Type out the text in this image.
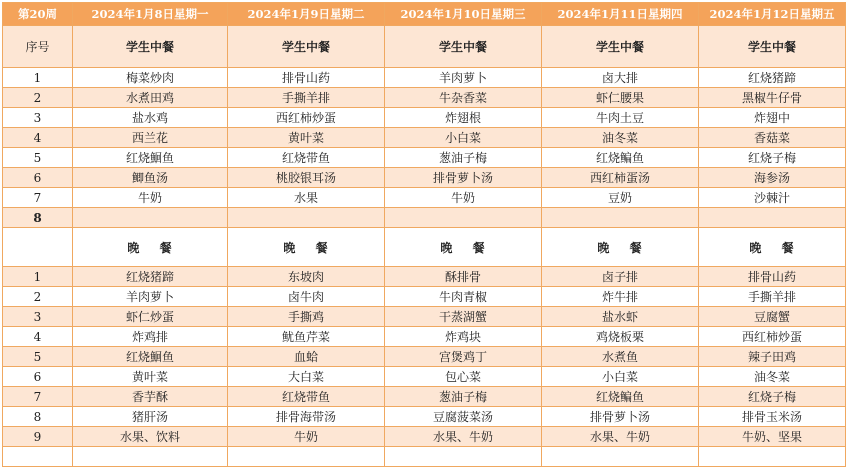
第20周	2024年1月8日星期一	2024年1月9日星期二	2024年1月10日星期三	2024年1月11日星期四	2024年1月12日星期五
序号	学生中餐	学生中餐	学生中餐	学生中餐	学生中餐
1	梅菜炒肉	排骨山药	羊肉萝卜	卤大排	红烧猪蹄
2	水煮田鸡	手撕羊排	牛杂香菜	虾仁腰果	黑椒牛仔骨
3	盐水鸡	西红柿炒蛋	炸翅根	牛肉土豆	炸翅中
4	西兰花	黄叶菜	小白菜	油冬菜	香菇菜
5	红烧鮰鱼	红烧带鱼	葱油子梅	红烧鳊鱼	红烧子梅
6	鲫鱼汤	桃胶银耳汤	排骨萝卜汤	西红柿蛋汤	海参汤
7	牛奶	水果	牛奶	豆奶	沙棘汁
8					
	晚 餐	晚 餐	晚 餐	晚 餐	晚 餐
1	红烧猪蹄	东坡肉	酥排骨	卤子排	排骨山药
2	羊肉萝卜	卤牛肉	牛肉青椒	炸牛排	手撕羊排
3	虾仁炒蛋	手撕鸡	干蒸湖蟹	盐水虾	豆腐蟹
4	炸鸡排	鱿鱼芹菜	炸鸡块	鸡烧板栗	西红柿炒蛋
5	红烧鮰鱼	血蛤	宫煲鸡丁	水煮鱼	辣子田鸡
6	黄叶菜	大白菜	包心菜	小白菜	油冬菜
7	香芋酥	红烧带鱼	葱油子梅	红烧鳊鱼	红烧子梅
8	猪肝汤	排骨海带汤	豆腐菠菜汤	排骨萝卜汤	排骨玉米汤
9	水果、饮料	牛奶	水果、牛奶	水果、牛奶	牛奶、坚果
